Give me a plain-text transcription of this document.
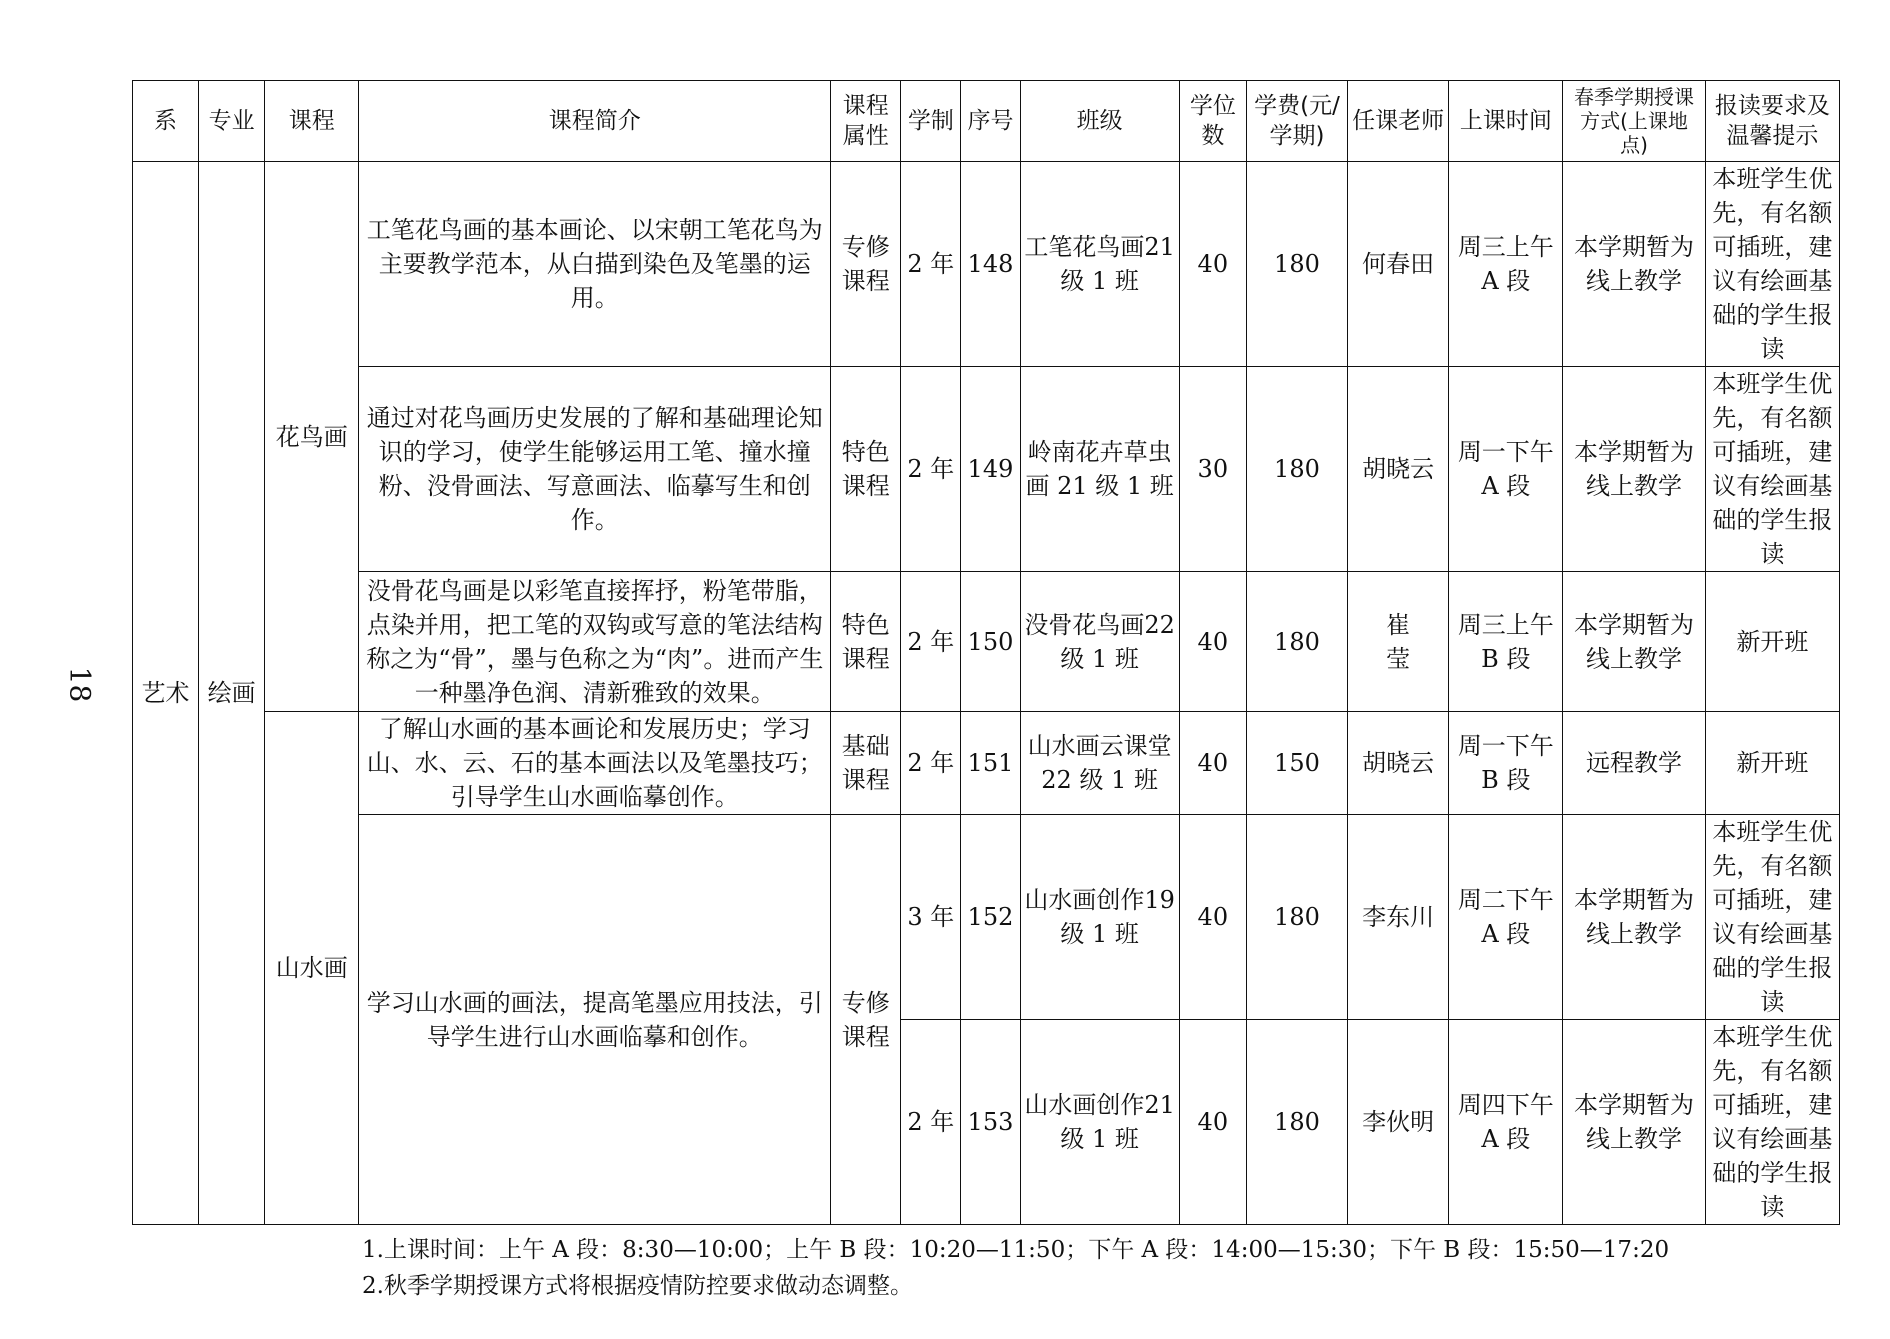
18
系	专业	课程	课程简介	课程属性	学制	序号	班级	学位数	学费(元/学期)	任课老师	上课时间	春季学期授课方式(上课地点)	报读要求及温馨提示
艺术	绘画	花鸟画	工笔花鸟画的基本画论、以宋朝工笔花鸟为主要教学范本，从白描到染色及笔墨的运用。	专修课程	2 年	148	工笔花鸟画21 级 1 班	40	180	何春田	周三上午A 段	本学期暂为线上教学	本班学生优先，有名额可插班，建议有绘画基础的学生报读
			通过对花鸟画历史发展的了解和基础理论知识的学习，使学生能够运用工笔、撞水撞粉、没骨画法、写意画法、临摹写生和创作。	特色课程	2 年	149	岭南花卉草虫画 21 级 1 班	30	180	胡晓云	周一下午A 段	本学期暂为线上教学	本班学生优先，有名额可插班，建议有绘画基础的学生报读
			没骨花鸟画是以彩笔直接挥抒，粉笔带脂，点染并用，把工笔的双钩或写意的笔法结构称之为“骨”，墨与色称之为“肉”。进而产生一种墨净色润、清新雅致的效果。	特色课程	2 年	150	没骨花鸟画22 级 1 班	40	180	崔　　莹	周三上午B 段	本学期暂为线上教学	新开班
		山水画	了解山水画的基本画论和发展历史；学习山、水、云、石的基本画法以及笔墨技巧；引导学生山水画临摹创作。	基础课程	2 年	151	山水画云课堂22 级 1 班	40	150	胡晓云	周一下午B 段	远程教学	新开班
			学习山水画的画法，提高笔墨应用技法，引导学生进行山水画临摹和创作。	专修课程	3 年	152	山水画创作19 级 1 班	40	180	李东川	周二下午A 段	本学期暂为线上教学	本班学生优先，有名额可插班，建议有绘画基础的学生报读
					2 年	153	山水画创作21 级 1 班	40	180	李伙明	周四下午A 段	本学期暂为线上教学	本班学生优先，有名额可插班，建议有绘画基础的学生报读
1.上课时间：上午 A 段：8:30—10:00；上午 B 段：10:20—11:50；下午 A 段：14:00—15:30；下午 B 段：15:50—17:20
2.秋季学期授课方式将根据疫情防控要求做动态调整。
